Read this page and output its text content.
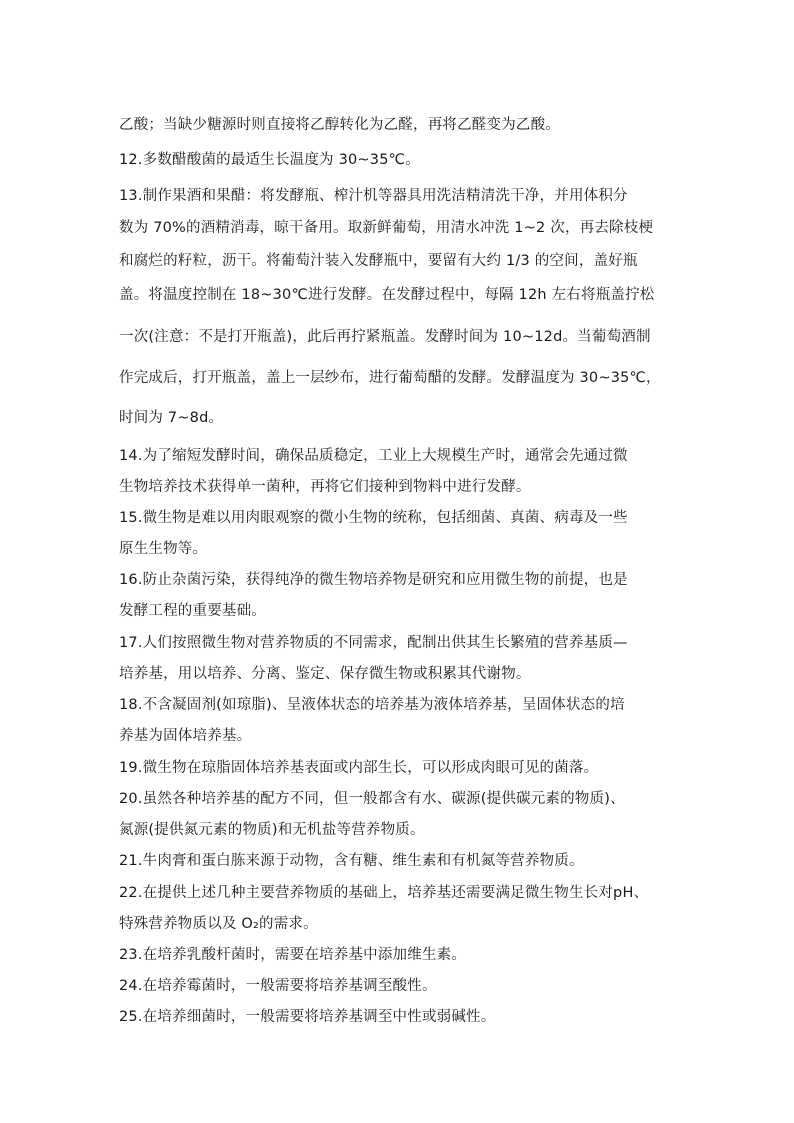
乙酸；当缺少糖源时则直接将乙醇转化为乙醛，再将乙醛变为乙酸。
12.多数醋酸菌的最适生长温度为 30~35℃。
13.制作果酒和果醋：将发酵瓶、榨汁机等器具用洗洁精清洗干净，并用体积分
数为 70%的酒精消毒，晾干备用。取新鲜葡萄，用清水冲洗 1~2 次，再去除枝梗
和腐烂的籽粒，沥干。将葡萄汁装入发酵瓶中，要留有大约 1/3 的空间，盖好瓶
盖。将温度控制在 18~30℃进行发酵。在发酵过程中，每隔 12h 左右将瓶盖拧松
一次(注意：不是打开瓶盖)，此后再拧紧瓶盖。发酵时间为 10~12d。当葡萄酒制
作完成后，打开瓶盖，盖上一层纱布，进行葡萄醋的发酵。发酵温度为 30~35℃，
时间为 7~8d。
14.为了缩短发酵时间，确保品质稳定，工业上大规模生产时，通常会先通过微
生物培养技术获得单一菌种，再将它们接种到物料中进行发酵。
15.微生物是难以用肉眼观察的微小生物的统称，包括细菌、真菌、病毒及一些
原生生物等。
16.防止杂菌污染，获得纯净的微生物培养物是研究和应用微生物的前提，也是
发酵工程的重要基础。
17.人们按照微生物对营养物质的不同需求，配制出供其生长繁殖的营养基质—
培养基，用以培养、分离、鉴定、保存微生物或积累其代谢物。
18.不含凝固剂(如琼脂)、呈液体状态的培养基为液体培养基，呈固体状态的培
养基为固体培养基。
19.微生物在琼脂固体培养基表面或内部生长，可以形成肉眼可见的菌落。
20.虽然各种培养基的配方不同，但一般都含有水、碳源(提供碳元素的物质)、
氮源(提供氮元素的物质)和无机盐等营养物质。
21.牛肉膏和蛋白胨来源于动物，含有糖、维生素和有机氮等营养物质。
22.在提供上述几种主要营养物质的基础上，培养基还需要满足微生物生长对pH、
特殊营养物质以及 O₂的需求。
23.在培养乳酸杆菌时，需要在培养基中添加维生素。
24.在培养霉菌时，一般需要将培养基调至酸性。
25.在培养细菌时，一般需要将培养基调至中性或弱碱性。
